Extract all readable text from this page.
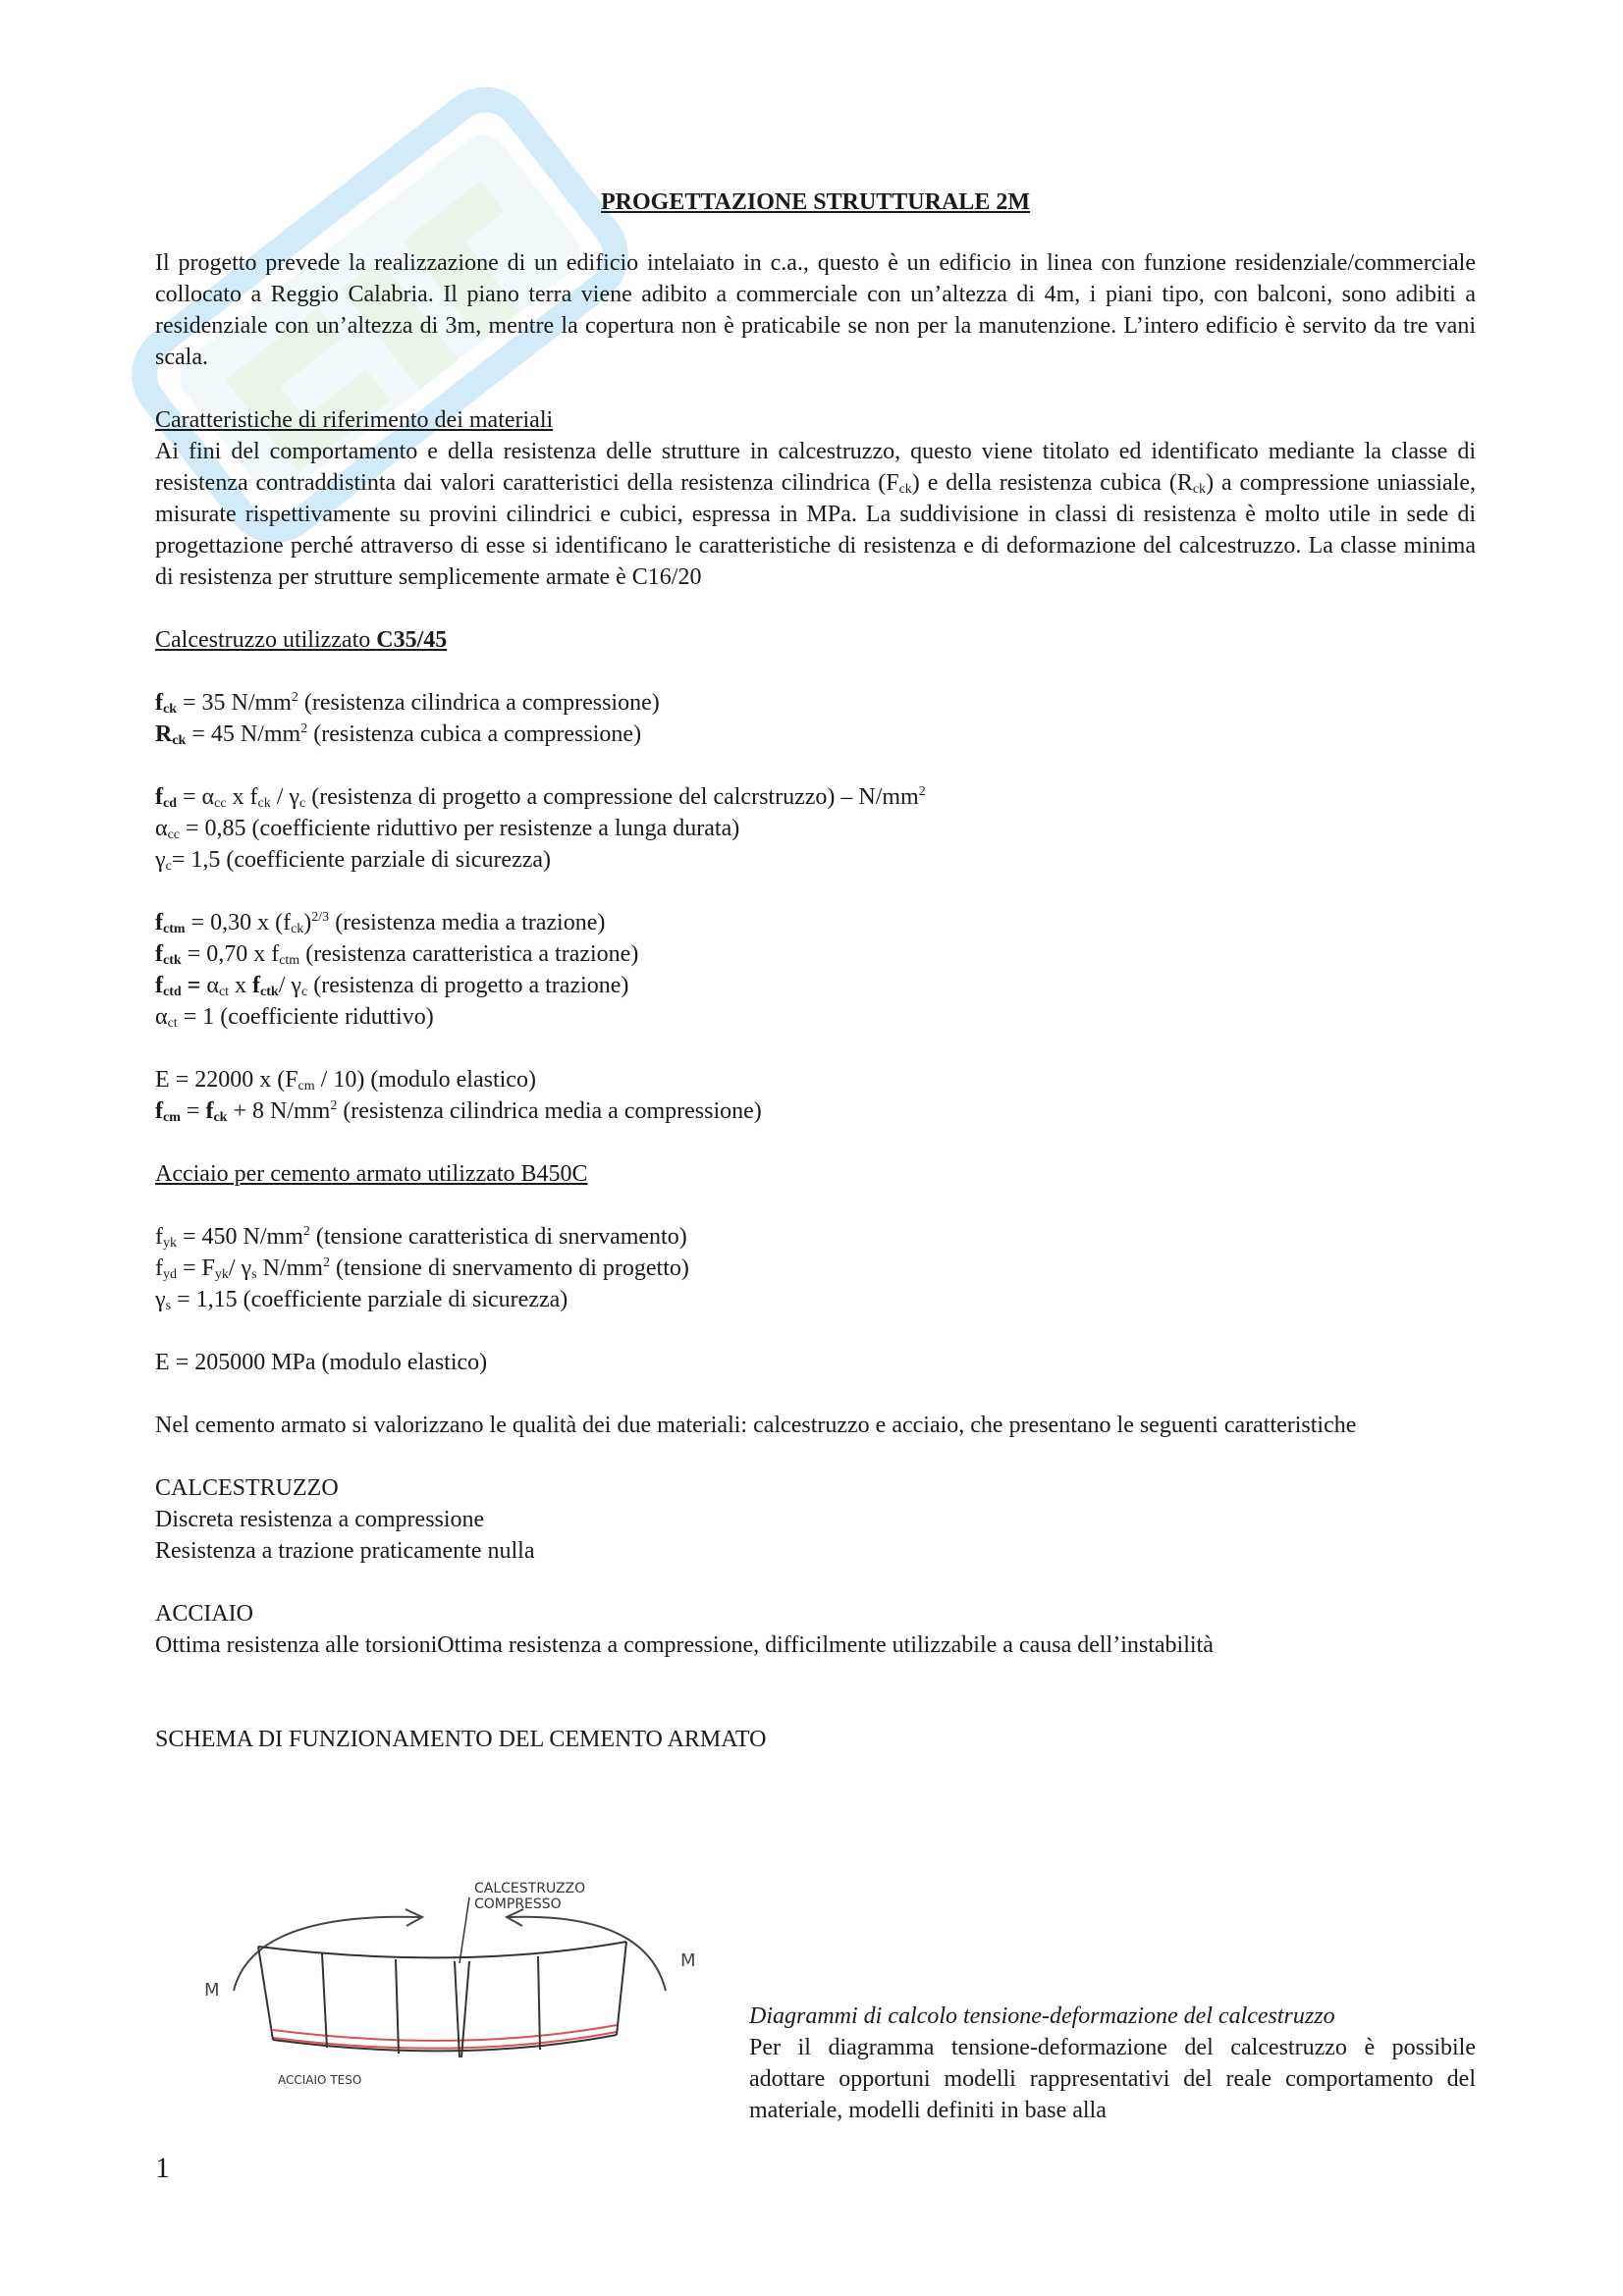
PROGETTAZIONE STRUTTURALE 2M

Il progetto prevede la realizzazione di un edificio intelaiato in c.a., questo è un edificio in linea con funzione residenziale/commerciale collocato a Reggio Calabria. Il piano terra viene adibito a commerciale con un’altezza di 4m, i piani tipo, con balconi, sono adibiti a residenziale con un’altezza di 3m, mentre la copertura non è praticabile se non per la manutenzione. L’intero edificio è servito da tre vani scala.

Caratteristiche di riferimento dei materiali

Ai fini del comportamento e della resistenza delle strutture in calcestruzzo, questo viene titolato ed identificato mediante la classe di resistenza contraddistinta dai valori caratteristici della resistenza cilindrica $(F_{ck})$ e della resistenza cubica $(R_{ck})$ a compressione uniassiale, misurate rispettivamente su provini cilindrici e cubici, espressa in MPa. La suddivisione in classi di resistenza è molto utile in sede di progettazione perché attraverso di esse si identificano le caratteristiche di resistenza e di deformazione del calcestruzzo. La classe minima di resistenza per strutture semplicemente armate è C16/20

Calcestruzzo utilizzato C35/45

$f_{ck} = 35$ $N/mm^2$ (resistenza cilindrica a compressione)

$R_{ck} = 45$ $N/mm^2$ (resistenza cubica a compressione)

$f_{cd} = \alpha_{cc}$ x $f_{ck} / \gamma_c$ (resistenza di progetto a compressione del calcrstruzzo) – $N/mm^2$

$\alpha_{cc} = 0,85$ (coefficiente riduttivo per resistenze a lunga durata)

$\gamma_c= 1,5$ (coefficiente parziale di sicurezza)

$f_{ctm} = 0,30$ x $(f_{ck})^{2/3}$ (resistenza media a trazione)

$f_{ctk} = 0,70$ x $f_{ctm}$ (resistenza caratteristica a trazione)

$f_{ctd} = \alpha_{ct}$ x $f_{ctk}/$ $\gamma_c$ (resistenza di progetto a trazione)

$\alpha_{ct} = 1$ (coefficiente riduttivo)

E = 22000 x $(F_{cm} / 10)$ (modulo elastico)

$f_{cm} = f_{ck} + 8$ $N/mm^2$ (resistenza cilindrica media a compressione)

Acciaio per cemento armato utilizzato B450C

$f_{yk} = 450$ $N/mm^2$ (tensione caratteristica di snervamento)

$f_{yd} = F_{yk}/$ $\gamma_s$ $N/mm^2$ (tensione di snervamento di progetto)

$\gamma_s = 1,15$ (coefficiente parziale di sicurezza)

E = 205000 MPa (modulo elastico)

Nel cemento armato si valorizzano le qualità dei due materiali: calcestruzzo e acciaio, che presentano le seguenti caratteristiche

CALCESTRUZZO

Discreta resistenza a compressione

Resistenza a trazione praticamente nulla

ACCIAIO

Ottima resistenza alle torsioniOttima resistenza a compressione, difficilmente utilizzabile a causa dell’instabilità

SCHEMA DI FUNZIONAMENTO DEL CEMENTO ARMATO

M
M
CALCESTRUZZO
COMPRESSO
ACCIAIO TESO

Diagrammi di calcolo tensione-deformazione del calcestruzzo

Per il diagramma tensione-deformazione del calcestruzzo è possibile adottare opportuni modelli rappresentativi del reale comportamento del materiale, modelli definiti in base alla

1
